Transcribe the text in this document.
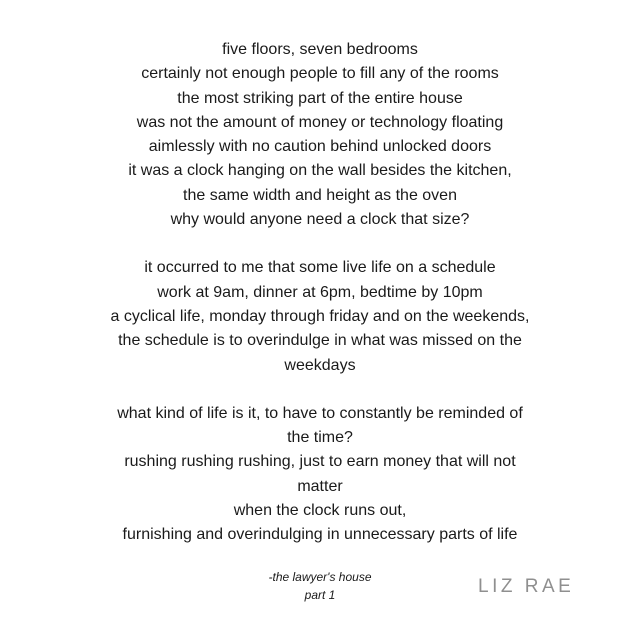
five floors, seven bedrooms
certainly not enough people to fill any of the rooms
the most striking part of the entire house
was not the amount of money or technology floating
aimlessly with no caution behind unlocked doors
it was a clock hanging on the wall besides the kitchen,
the same width and height as the oven
why would anyone need a clock that size?

it occurred to me that some live life on a schedule
work at 9am, dinner at 6pm, bedtime by 10pm
a cyclical life, monday through friday and on the weekends,
the schedule is to overindulge in what was missed on the
weekdays

what kind of life is it, to have to constantly be reminded of
the time?
rushing rushing rushing, just to earn money that will not
matter
when the clock runs out,
furnishing and overindulging in unnecessary parts of life

-the lawyer's house
part 1	LIZ RAE
